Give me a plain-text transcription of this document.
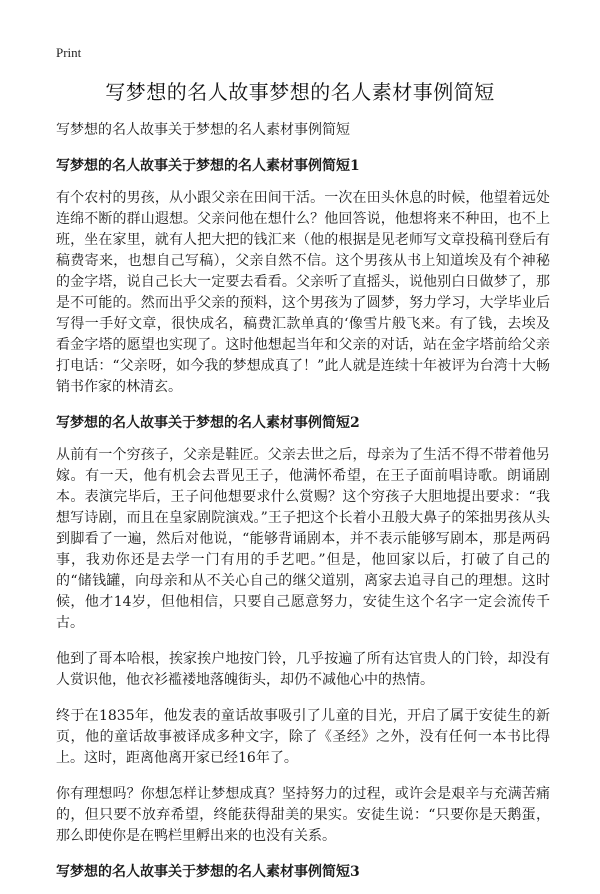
Print
写梦想的名人故事梦想的名人素材事例简短

写梦想的名人故事关于梦想的名人素材事例简短

写梦想的名人故事关于梦想的名人素材事例简短1

有个农村的男孩，从小跟父亲在田间干活。一次在田头休息的时候，他望着远处连绵不断的群山遐想。父亲问他在想什么？他回答说，他想将来不种田，也不上班，坐在家里，就有人把大把的钱汇来（他的根据是见老师写文章投稿刊登后有稿费寄来，也想自己写稿），父亲自然不信。这个男孩从书上知道埃及有个神秘的金字塔，说自己长大一定要去看看。父亲听了直摇头，说他别白日做梦了，那是不可能的。然而出乎父亲的预料，这个男孩为了圆梦，努力学习，大学毕业后写得一手好文章，很快成名，稿费汇款单真的‘像雪片般飞来。有了钱，去埃及看金字塔的愿望也实现了。这时他想起当年和父亲的对话，站在金字塔前给父亲打电话：“父亲呀，如今我的梦想成真了！”此人就是连续十年被评为台湾十大畅销书作家的林清玄。

写梦想的名人故事关于梦想的名人素材事例简短2

从前有一个穷孩子，父亲是鞋匠。父亲去世之后，母亲为了生活不得不带着他另嫁。有一天，他有机会去晋见王子，他满怀希望，在王子面前唱诗歌。朗诵剧本。表演完毕后，王子问他想要求什么赏赐？这个穷孩子大胆地提出要求：“我想写诗剧，而且在皇家剧院演戏。”王子把这个长着小丑般大鼻子的笨拙男孩从头到脚看了一遍，然后对他说，“能够背诵剧本，并不表示能够写剧本，那是两码事，我劝你还是去学一门有用的手艺吧。”但是，他回家以后，打破了自己的的“储钱罐，向母亲和从不关心自己的继父道别，离家去追寻自己的理想。这时候，他才14岁，但他相信，只要自己愿意努力，安徒生这个名字一定会流传千古。

他到了哥本哈根，挨家挨户地按门铃，几乎按遍了所有达官贵人的门铃，却没有人赏识他，他衣衫褴褛地落魄街头，却仍不减他心中的热情。

终于在1835年，他发表的童话故事吸引了儿童的目光，开启了属于安徒生的新页，他的童话故事被译成多种文字，除了《圣经》之外，没有任何一本书比得上。这时，距离他离开家已经16年了。

你有理想吗？你想怎样让梦想成真？坚持努力的过程，或许会是艰辛与充满苦痛的，但只要不放弃希望，终能获得甜美的果实。安徒生说：“只要你是天鹅蛋，那么即使你是在鸭栏里孵出来的也没有关系。

写梦想的名人故事关于梦想的名人素材事例简短3
